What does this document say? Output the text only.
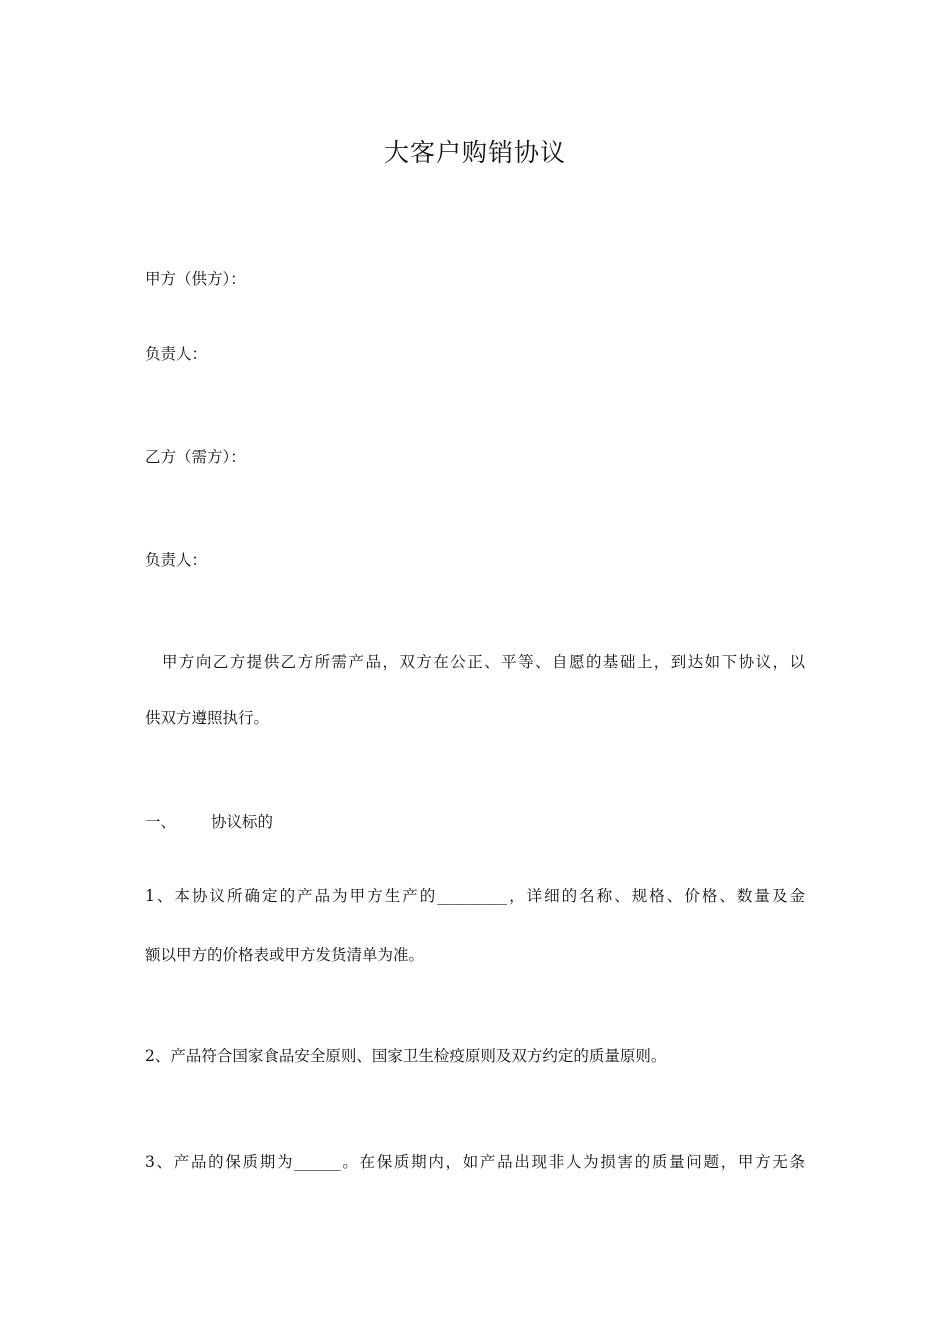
大客户购销协议
甲方（供方）：
负责人：
乙方（需方）：
负责人：
　甲方向乙方提供乙方所需产品，双方在公正、平等、自愿的基础上，到达如下协议，以
供双方遵照执行。
一、 协议标的
1、本协议所确定的产品为甲方生产的_________，详细的名称、规格、价格、数量及金
额以甲方的价格表或甲方发货清单为准。
2、产品符合国家食品安全原则、国家卫生检疫原则及双方约定的质量原则。
3、产品的保质期为______。在保质期内，如产品出现非人为损害的质量问题，甲方无条
